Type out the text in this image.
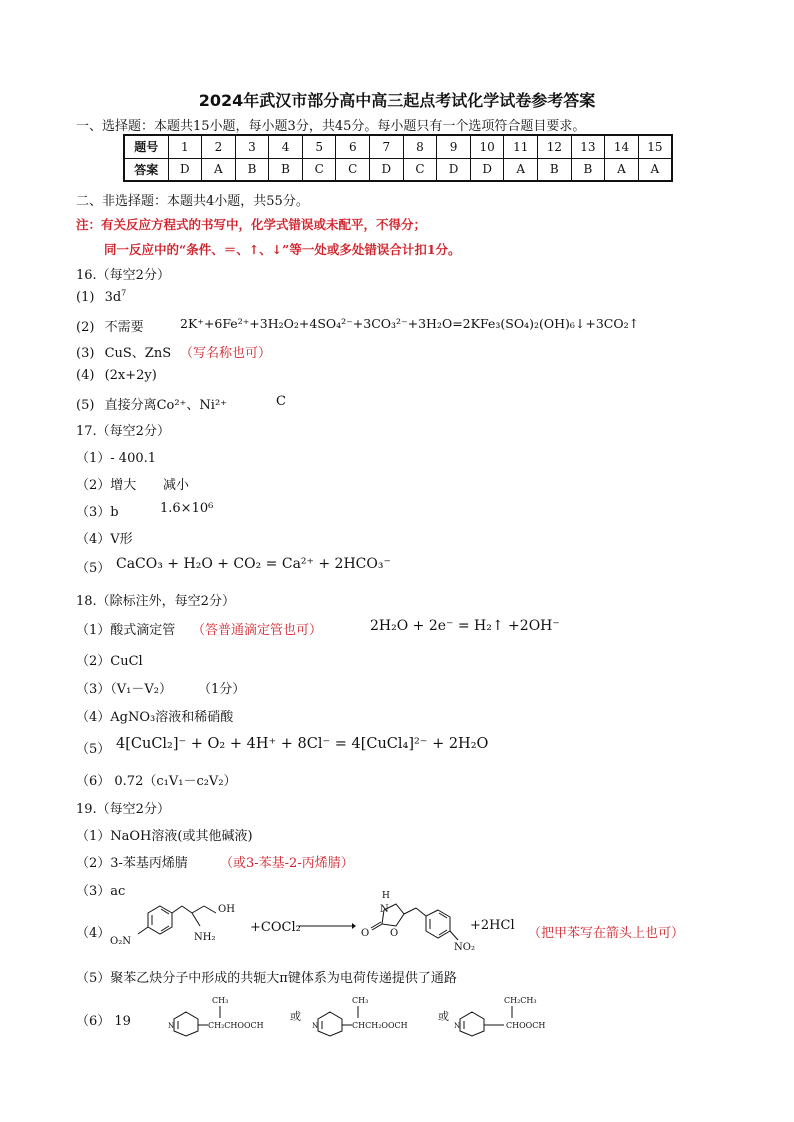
2024年武汉市部分高中高三起点考试化学试卷参考答案
一、选择题：本题共15小题，每小题3分，共45分。每小题只有一个选项符合题目要求。
题号	1	2	3	4	5	6	7	8	9	10	11	12	13	14	15
答案	D	A	B	B	C	C	D	C	D	D	A	B	B	A	A
二、非选择题：本题共4小题，共55分。
注：有关反应方程式的书写中，化学式错误或未配平，不得分；
同一反应中的“条件、＝、↑、↓”等一处或多处错误合计扣1分。
16.（每空2分）
(1) $3d^7$
(2) 不需要	2K⁺+6Fe²⁺+3H₂O₂+4SO₄²⁻+3CO₃²⁻+3H₂O=2KFe₃(SO₄)₂(OH)₆↓+3CO₂↑
(3) CuS、ZnS （写名称也可）
(4) (2x+2y)
(5) 直接分离Co²⁺、Ni²⁺	C
17.（每空2分）
（1）- 400.1
（2）增大 减小
（3）b	1.6×10⁶
（4）V形
（5） CaCO₃ + H₂O + CO₂ = Ca²⁺ + 2HCO₃⁻
18.（除标注外，每空2分）
（1）酸式滴定管 （答普通滴定管也可）	2H₂O + 2e⁻ = H₂↑ +2OH⁻
（2）CuCl
（3）（V₁－V₂） （1分）
（4）AgNO₃溶液和稀硝酸
（5） 4[CuCl₂]⁻ + O₂ + 4H⁺ + 8Cl⁻ = 4[CuCl₄]²⁻ + 2H₂O
（6） 0.72（c₁V₁－c₂V₂）
19.（每空2分）
（1）NaOH溶液(或其他碱液)
（2）3-苯基丙烯腈 （或3-苯基-2-丙烯腈）
（3）ac
（4）
O₂N
OH
NH₂
+COCl₂
H
N
O O
NO₂
+2HCl
（把甲苯写在箭头上也可）
（5）聚苯乙炔分子中形成的共轭大π键体系为电荷传递提供了通路
（6） 19	N
CH₃
CH₂CHOOCH
或
N
CH₃
CHCH₂OOCH
或
N
CH₂CH₃
CHOOCH
